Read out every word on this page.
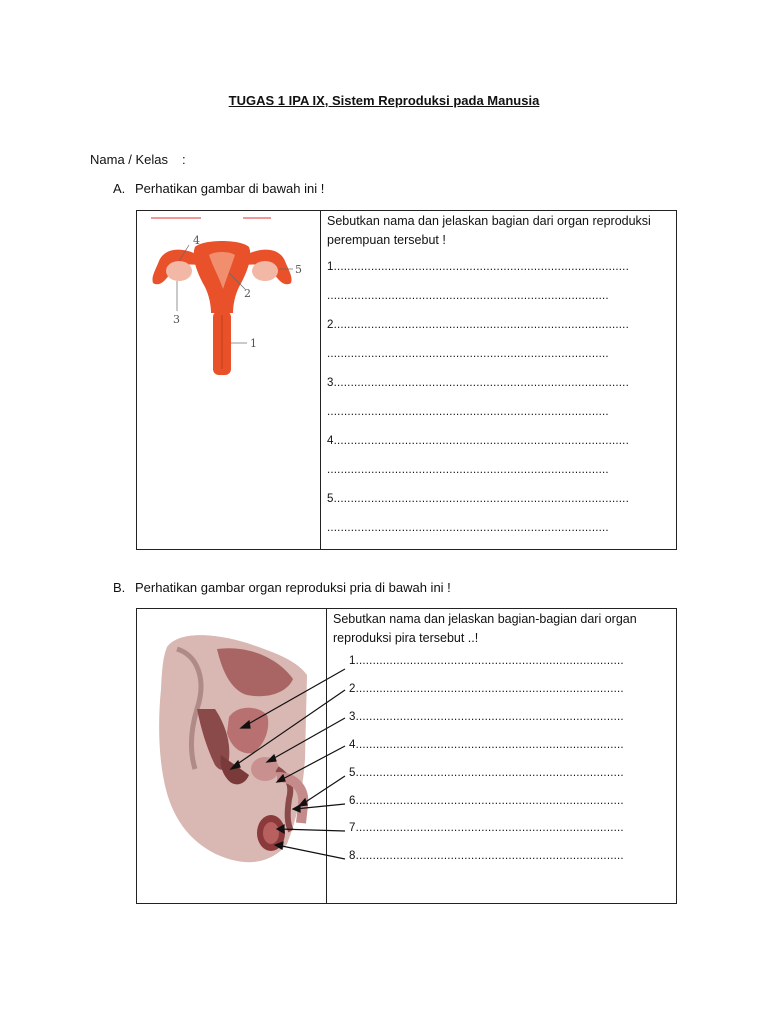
TUGAS 1 IPA IX, Sistem Reproduksi pada Manusia
Nama / Kelas :
A. Perhatikan gambar di bawah ini !
4
5
2
3
1
Sebutkan nama dan jelaskan bagian dari organ reproduksi perempuan tersebut !
1.......................................................................................
...................................................................................
2.......................................................................................
...................................................................................
3.......................................................................................
...................................................................................
4.......................................................................................
...................................................................................
5.......................................................................................
...................................................................................
B. Perhatikan gambar organ reproduksi pria di bawah ini !
Sebutkan nama dan jelaskan bagian-bagian dari organ reproduksi pira tersebut ..!
1...............................................................................
2...............................................................................
3...............................................................................
4...............................................................................
5...............................................................................
6...............................................................................
7...............................................................................
8...............................................................................
